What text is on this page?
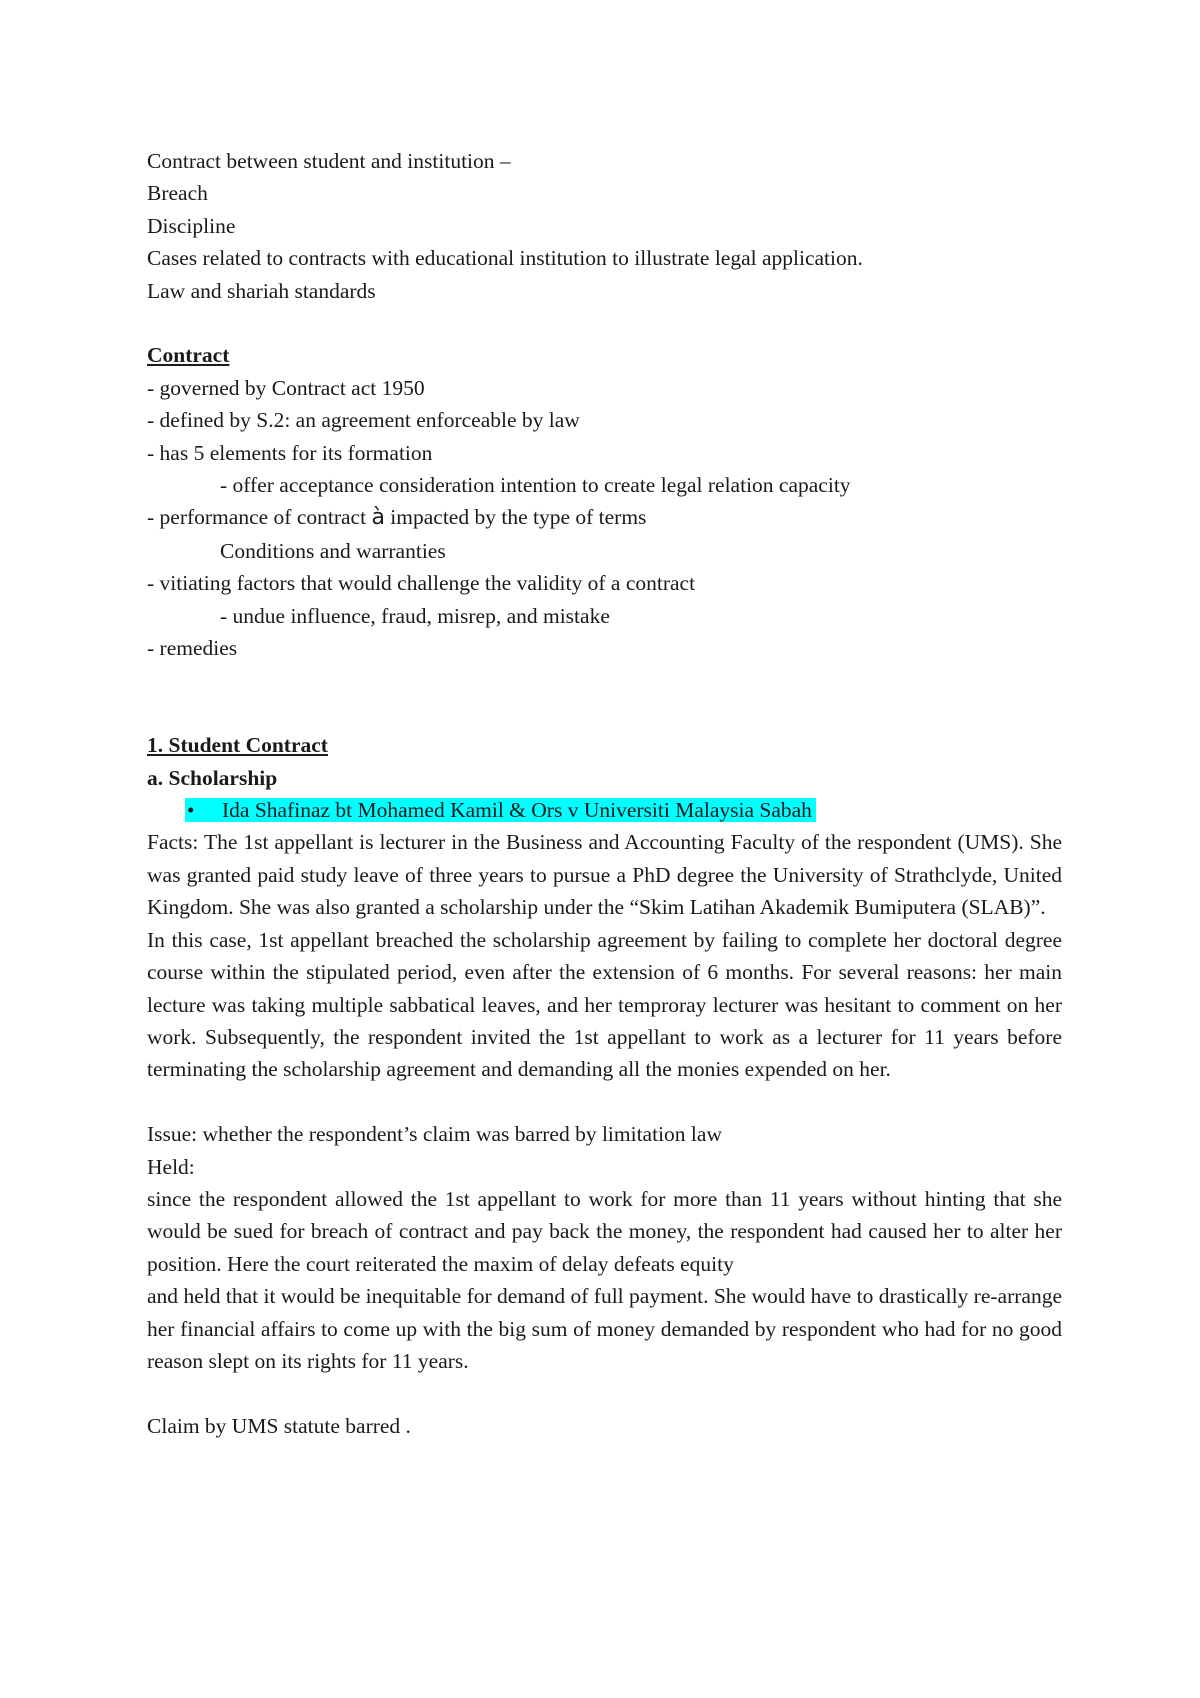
Contract between student and institution –

Breach

Discipline

Cases related to contracts with educational institution to illustrate legal application.

Law and shariah standards

Contract

- governed by Contract act 1950

- defined by S.2: an agreement enforceable by law

- has 5 elements for its formation

- offer acceptance consideration intention to create legal relation capacity

- performance of contract à impacted by the type of terms

Conditions and warranties

- vitiating factors that would challenge the validity of a contract

- undue influence, fraud, misrep, and mistake

- remedies

1. Student Contract

a. Scholarship

• Ida Shafinaz bt Mohamed Kamil & Ors v Universiti Malaysia Sabah

Facts: The 1st appellant is lecturer in the Business and Accounting Faculty of the respondent (UMS). She was granted paid study leave of three years to pursue a PhD degree the University of Strathclyde, United Kingdom. She was also granted a scholarship under the “Skim Latihan Akademik Bumiputera (SLAB)”.

In this case, 1st appellant breached the scholarship agreement by failing to complete her doctoral degree course within the stipulated period, even after the extension of 6 months. For several reasons: her main lecture was taking multiple sabbatical leaves, and her temproray lecturer was hesitant to comment on her work. Subsequently, the respondent invited the 1st appellant to work as a lecturer for 11 years before terminating the scholarship agreement and demanding all the monies expended on her.

Issue: whether the respondent’s claim was barred by limitation law

Held:

since the respondent allowed the 1st appellant to work for more than 11 years without hinting that she would be sued for breach of contract and pay back the money, the respondent had caused her to alter her position. Here the court reiterated the maxim of delay defeats equity

and held that it would be inequitable for demand of full payment. She would have to drastically re-arrange her financial affairs to come up with the big sum of money demanded by respondent who had for no good reason slept on its rights for 11 years.

Claim by UMS statute barred .
